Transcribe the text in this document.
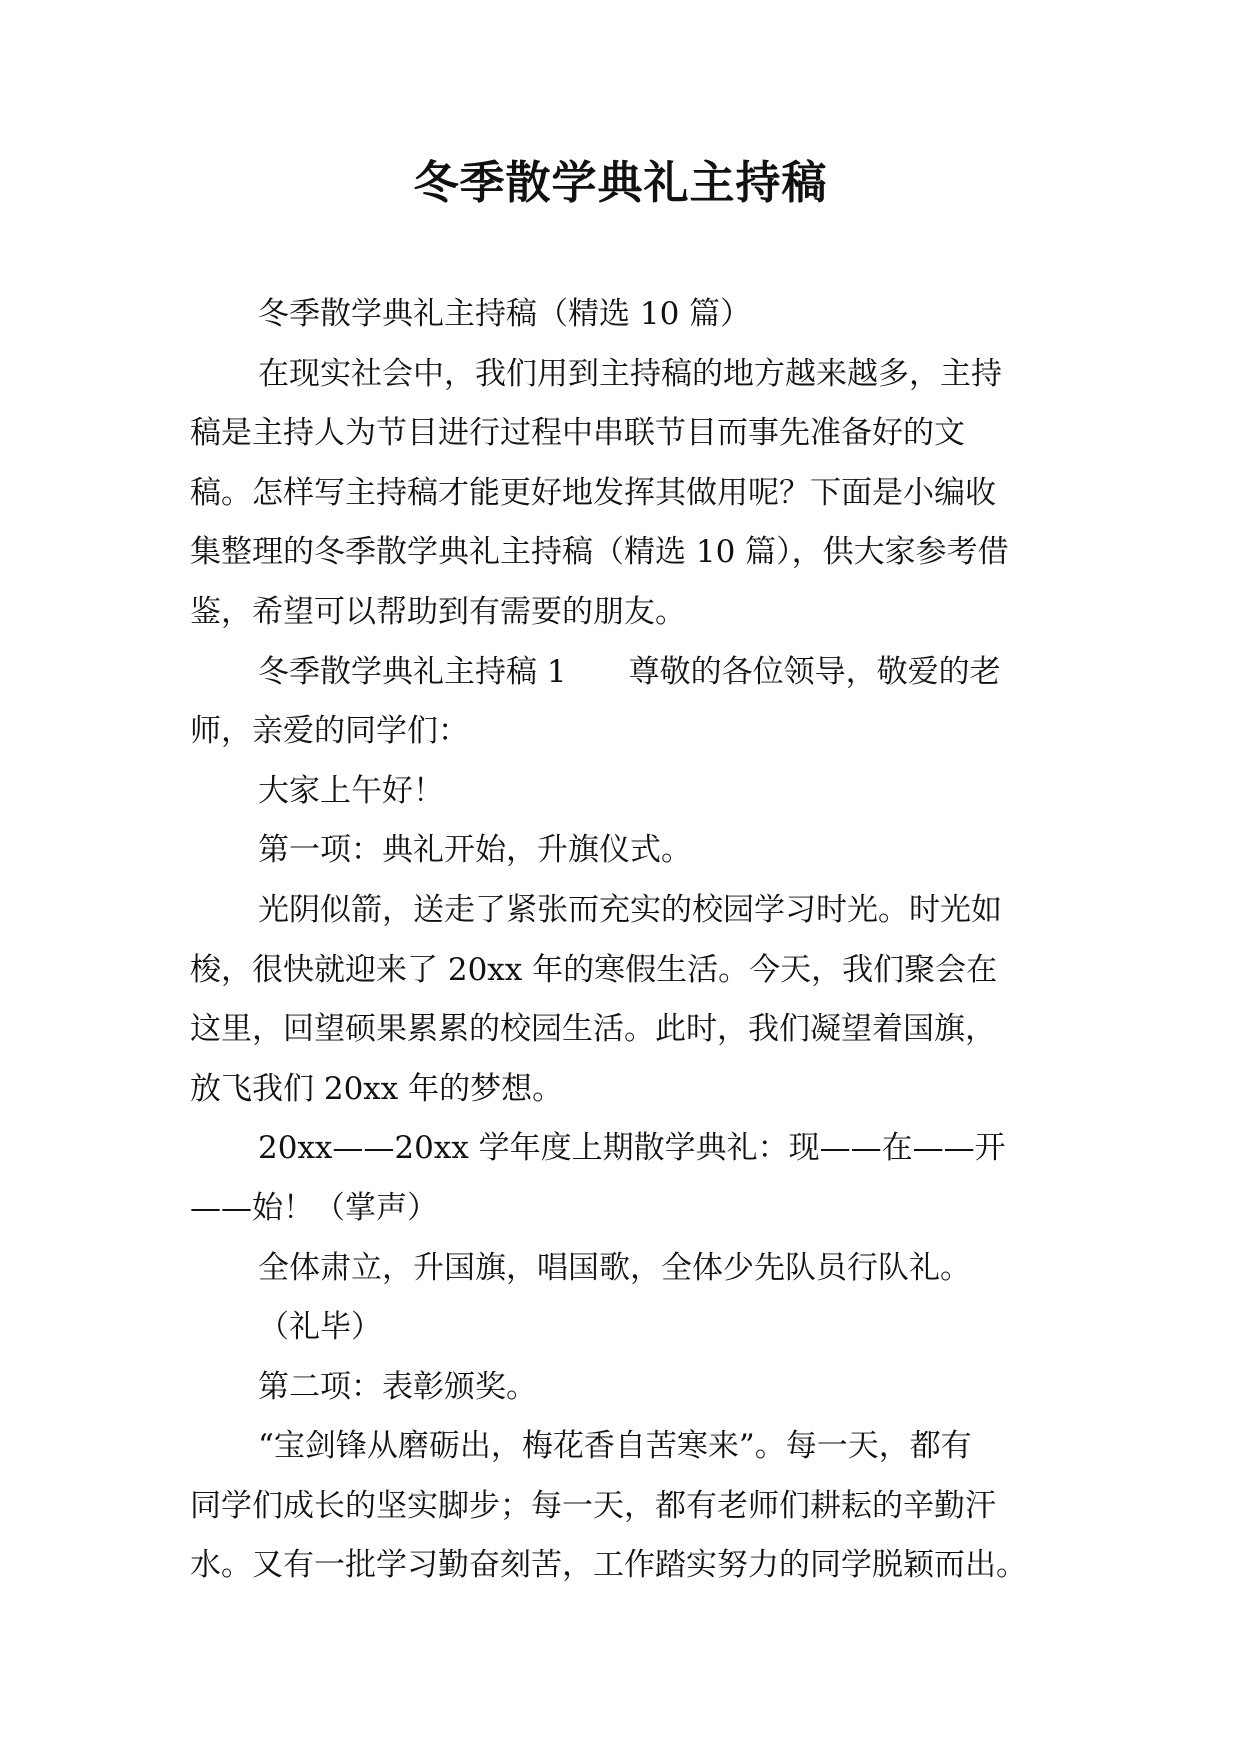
冬季散学典礼主持稿

冬季散学典礼主持稿（精选 10 篇）

在现实社会中，我们用到主持稿的地方越来越多，主持

稿是主持人为节目进行过程中串联节目而事先准备好的文

稿。怎样写主持稿才能更好地发挥其做用呢？下面是小编收

集整理的冬季散学典礼主持稿（精选 10 篇），供大家参考借

鉴，希望可以帮助到有需要的朋友。

冬季散学典礼主持稿 1　　尊敬的各位领导，敬爱的老

师，亲爱的同学们：

大家上午好！

第一项：典礼开始，升旗仪式。

光阴似箭，送走了紧张而充实的校园学习时光。时光如

梭，很快就迎来了 20xx 年的寒假生活。今天，我们聚会在

这里，回望硕果累累的校园生活。此时，我们凝望着国旗，

放飞我们 20xx 年的梦想。

20xx——20xx 学年度上期散学典礼：现——在——开

——始！（掌声）

全体肃立，升国旗，唱国歌，全体少先队员行队礼。

（礼毕）

第二项：表彰颁奖。

“宝剑锋从磨砺出，梅花香自苦寒来”。每一天，都有

同学们成长的坚实脚步；每一天，都有老师们耕耘的辛勤汗

水。又有一批学习勤奋刻苦，工作踏实努力的同学脱颖而出。
